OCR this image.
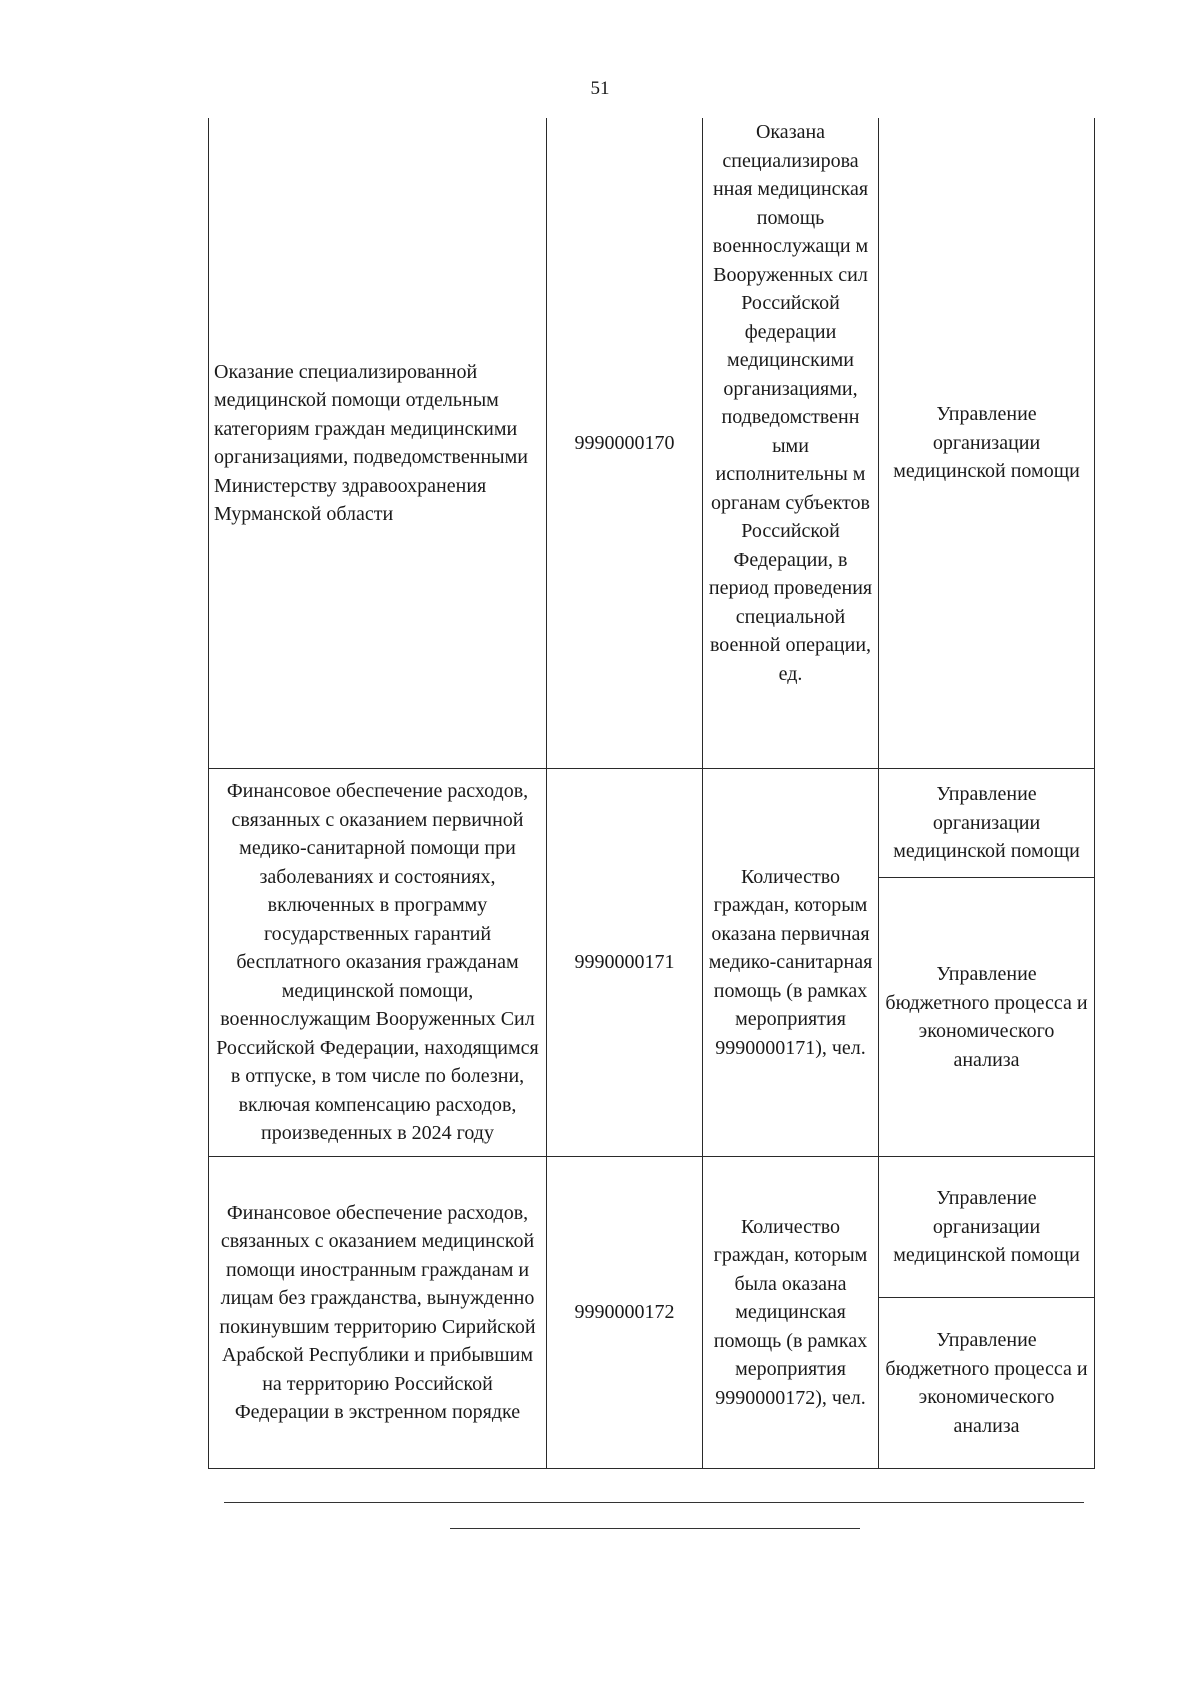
51
Оказание специализированной медицинской помощи отдельным категориям граждан медицинскими организациями, подведомственными Министерству здравоохранения Мурманской области	9990000170	Оказана специализирова нная медицинская помощь военнослужащи м Вооруженных сил Российской федерации медицинскими организациями, подведомственн ыми исполнительны м органам субъектов Российской Федерации, в период проведения специальной военной операции, ед.	Управление организации медицинской помощи
Финансовое обеспечение расходов, связанных с оказанием первичной медико-санитарной помощи при заболеваниях и состояниях, включенных в программу государственных гарантий бесплатного оказания гражданам медицинской помощи, военнослужащим Вооруженных Сил Российской Федерации, находящимся в отпуске, в том числе по болезни, включая компенсацию расходов, произведенных в 2024 году	9990000171	Количество граждан, которым оказана первичная медико-санитарная помощь (в рамках мероприятия 9990000171), чел.	Управление организации медицинской помощи
			Управление бюджетного процесса и экономического анализа
Финансовое обеспечение расходов, связанных с оказанием медицинской помощи иностранным гражданам и лицам без гражданства, вынужденно покинувшим территорию Сирийской Арабской Республики и прибывшим на территорию Российской Федерации в экстренном порядке	9990000172	Количество граждан, которым была оказана медицинская помощь (в рамках мероприятия 9990000172), чел.	Управление организации медицинской помощи
			Управление бюджетного процесса и экономического анализа
